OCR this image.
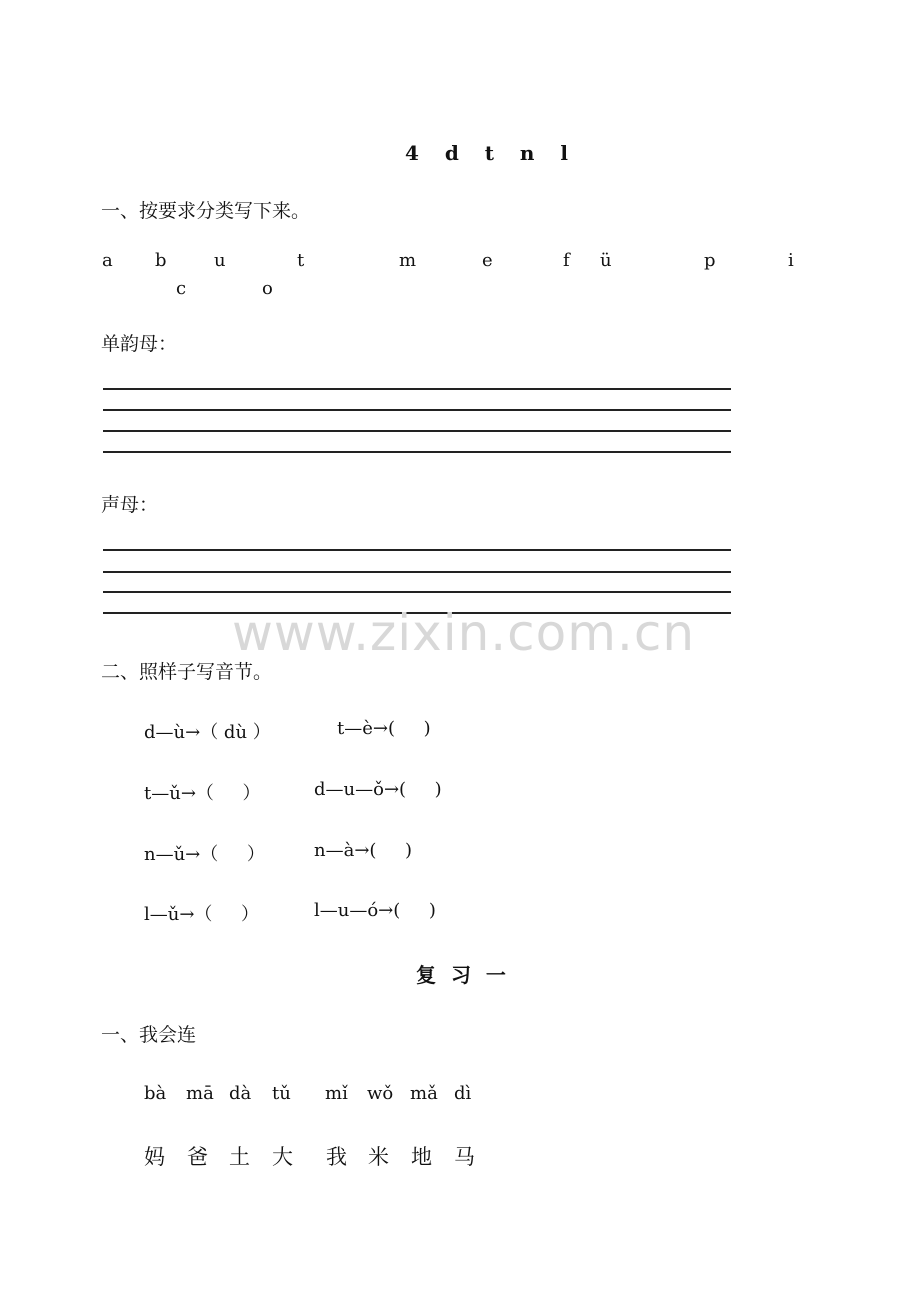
4  d  t  n  l
一、按要求分类写下来。
a b	u	t	m	e	f ü	p	i
c	o
单韵母：
声母：
www.zixin.com.cn
二、照样子写音节。
d—ù→（ dù ）	t—è→(     )
t—ǔ→（     ）	d—u—ǒ→(     )
n—ǔ→（     ）	n—à→(     )
l—ǔ→（     ）	l—u—ó→(     )
复 习 一
一、我会连
bà mā dà tǔ mǐ wǒ mǎ dì
妈 爸 土 大 我 米 地 马
